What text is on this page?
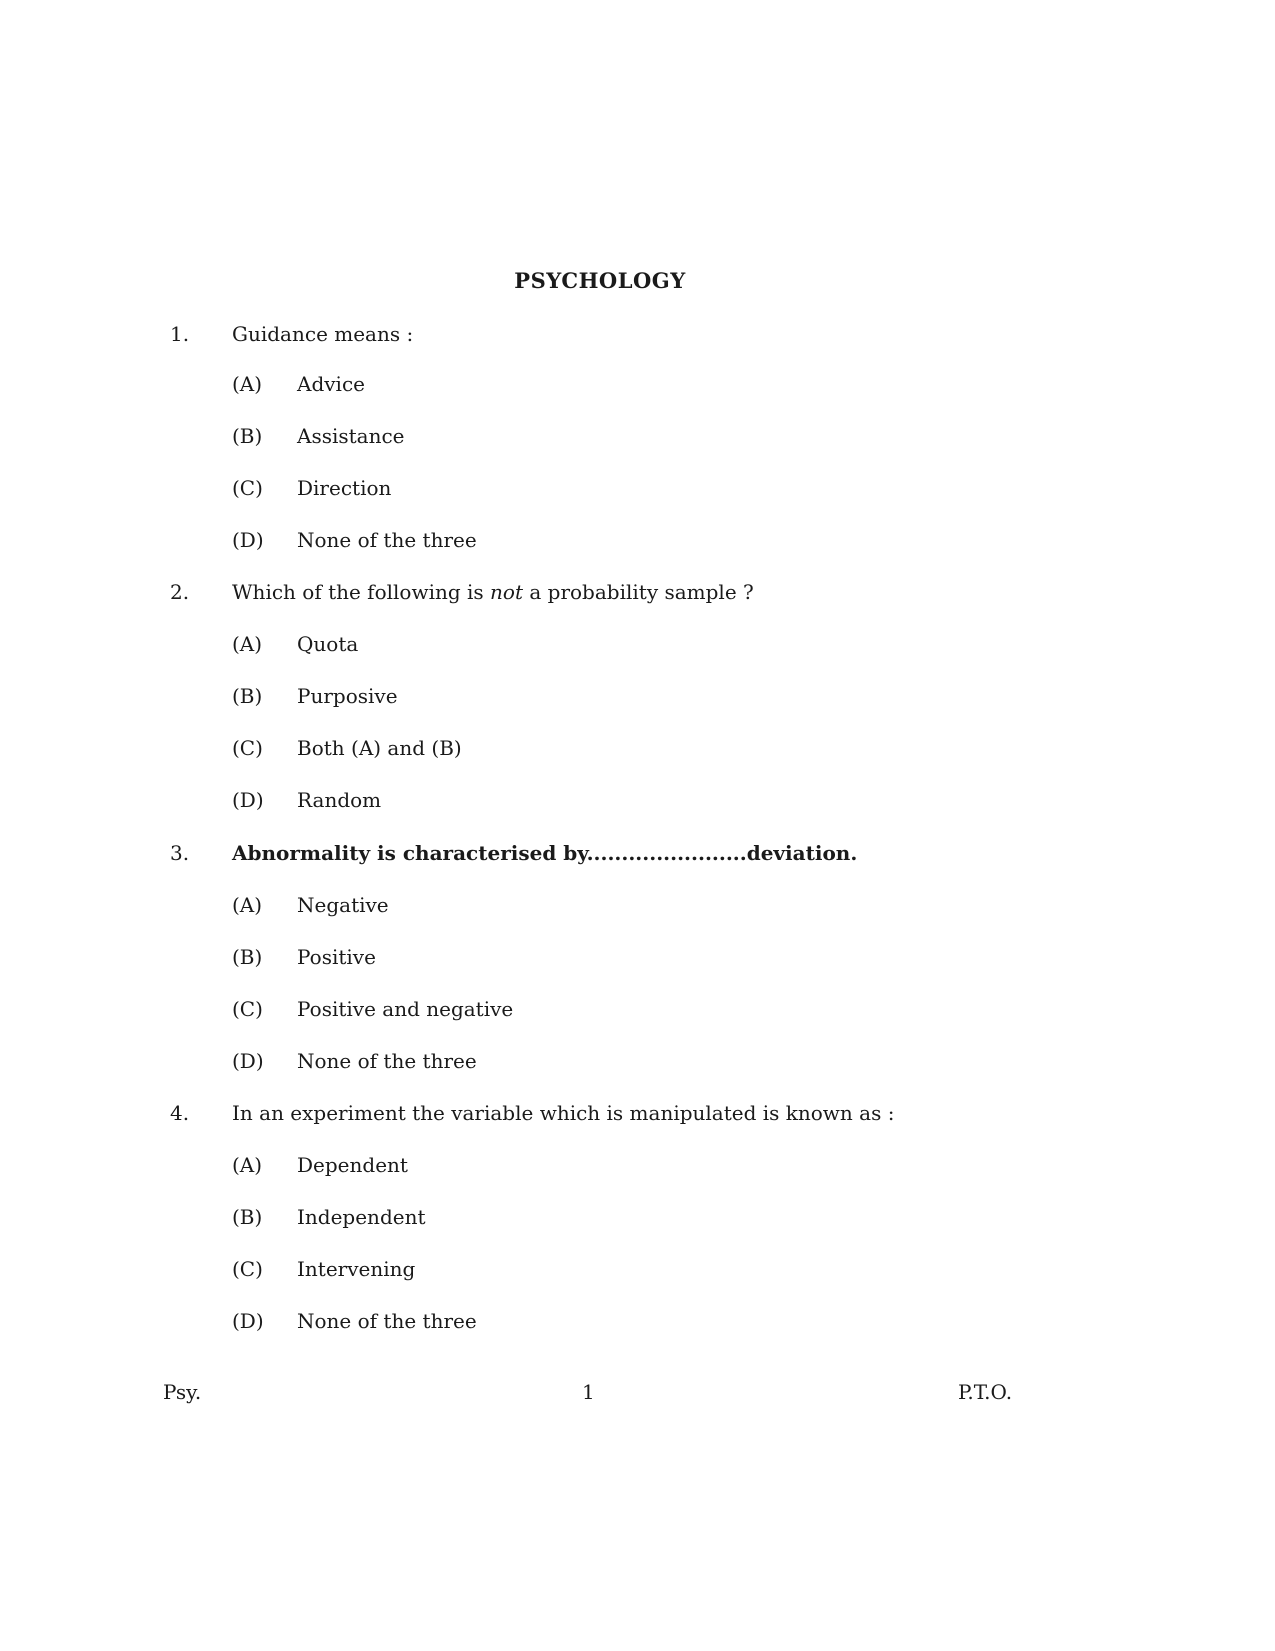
PSYCHOLOGY
1. Guidance means :
(A) Advice
(B) Assistance
(C) Direction
(D) None of the three
2. Which of the following is not a probability sample ?
(A) Quota
(B) Purposive
(C) Both (A) and (B)
(D) Random
3. Abnormality is characterised by.......................deviation.
(A) Negative
(B) Positive
(C) Positive and negative
(D) None of the three
4. In an experiment the variable which is manipulated is known as :
(A) Dependent
(B) Independent
(C) Intervening
(D) None of the three
Psy.	1	P.T.O.
